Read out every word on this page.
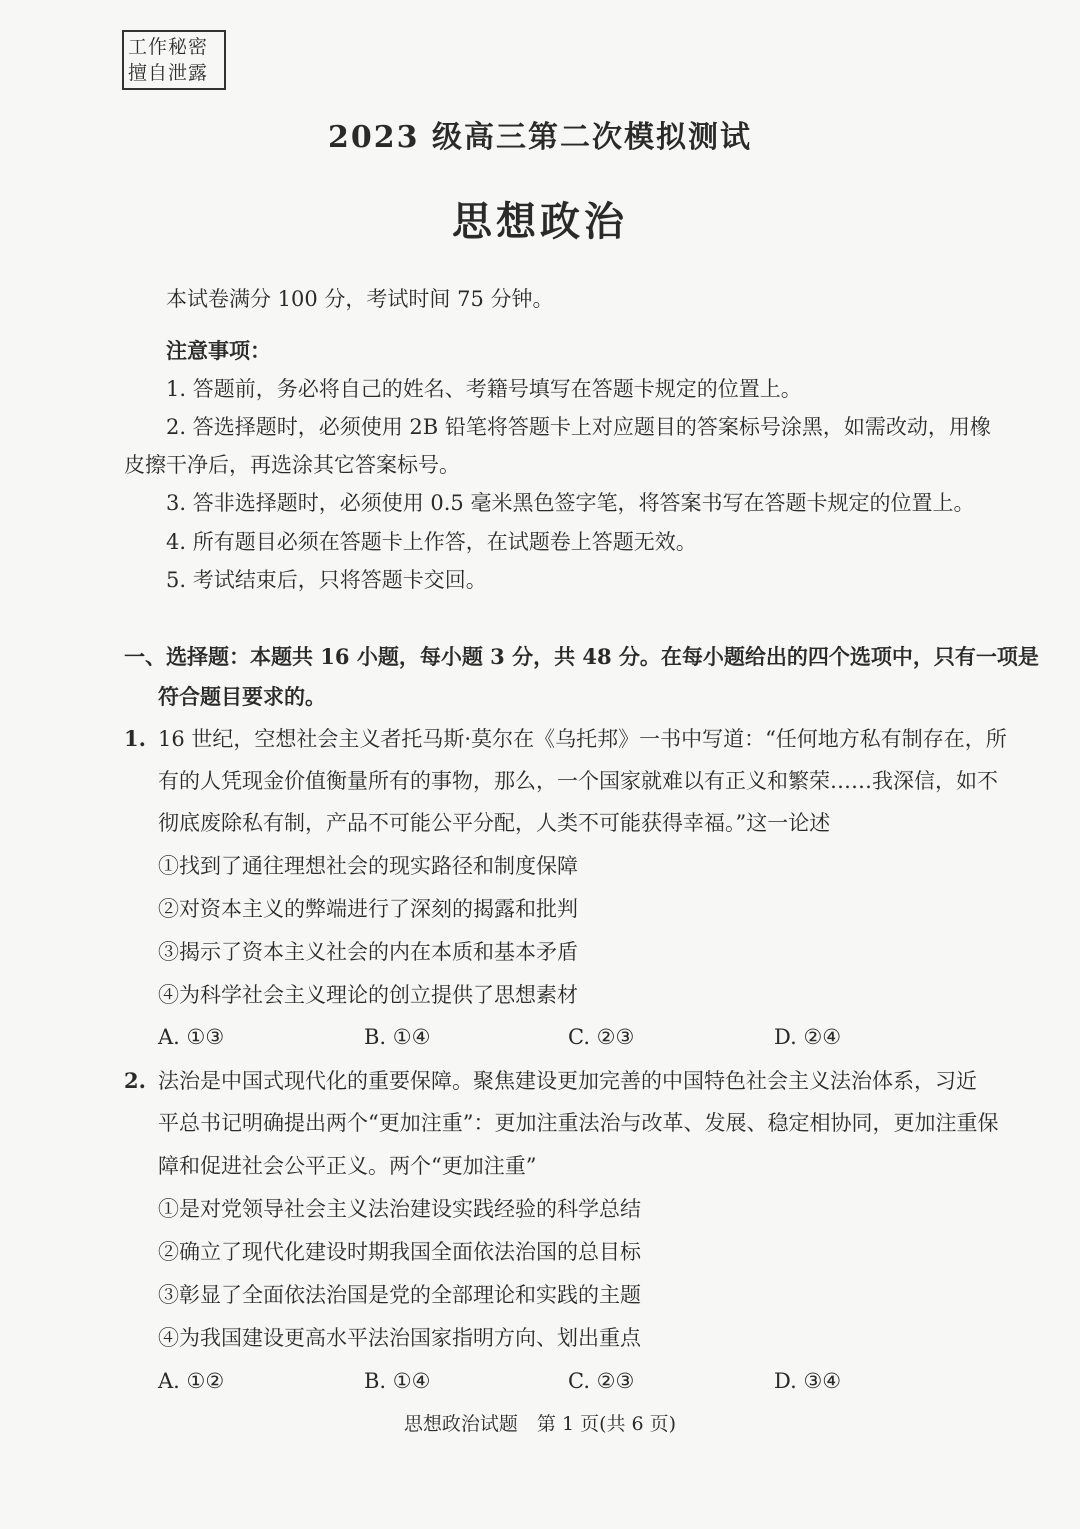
工作秘密
擅自泄露
2023 级高三第二次模拟测试
思想政治
本试卷满分 100 分，考试时间 75 分钟。
注意事项：
1. 答题前，务必将自己的姓名、考籍号填写在答题卡规定的位置上。
2. 答选择题时，必须使用 2B 铅笔将答题卡上对应题目的答案标号涂黑，如需改动，用橡
皮擦干净后，再选涂其它答案标号。
3. 答非选择题时，必须使用 0.5 毫米黑色签字笔，将答案书写在答题卡规定的位置上。
4. 所有题目必须在答题卡上作答，在试题卷上答题无效。
5. 考试结束后，只将答题卡交回。
一、选择题：本题共 16 小题，每小题 3 分，共 48 分。在每小题给出的四个选项中，只有一项是
符合题目要求的。
1. 16 世纪，空想社会主义者托马斯·莫尔在《乌托邦》一书中写道：“任何地方私有制存在，所
有的人凭现金价值衡量所有的事物，那么，一个国家就难以有正义和繁荣……我深信，如不
彻底废除私有制，产品不可能公平分配，人类不可能获得幸福。”这一论述
①找到了通往理想社会的现实路径和制度保障
②对资本主义的弊端进行了深刻的揭露和批判
③揭示了资本主义社会的内在本质和基本矛盾
④为科学社会主义理论的创立提供了思想素材
A. ①③	B. ①④	C. ②③	D. ②④
2. 法治是中国式现代化的重要保障。聚焦建设更加完善的中国特色社会主义法治体系，习近
平总书记明确提出两个“更加注重”：更加注重法治与改革、发展、稳定相协同，更加注重保
障和促进社会公平正义。两个“更加注重”
①是对党领导社会主义法治建设实践经验的科学总结
②确立了现代化建设时期我国全面依法治国的总目标
③彰显了全面依法治国是党的全部理论和实践的主题
④为我国建设更高水平法治国家指明方向、划出重点
A. ①②	B. ①④	C. ②③	D. ③④
思想政治试题　第 1 页(共 6 页)
